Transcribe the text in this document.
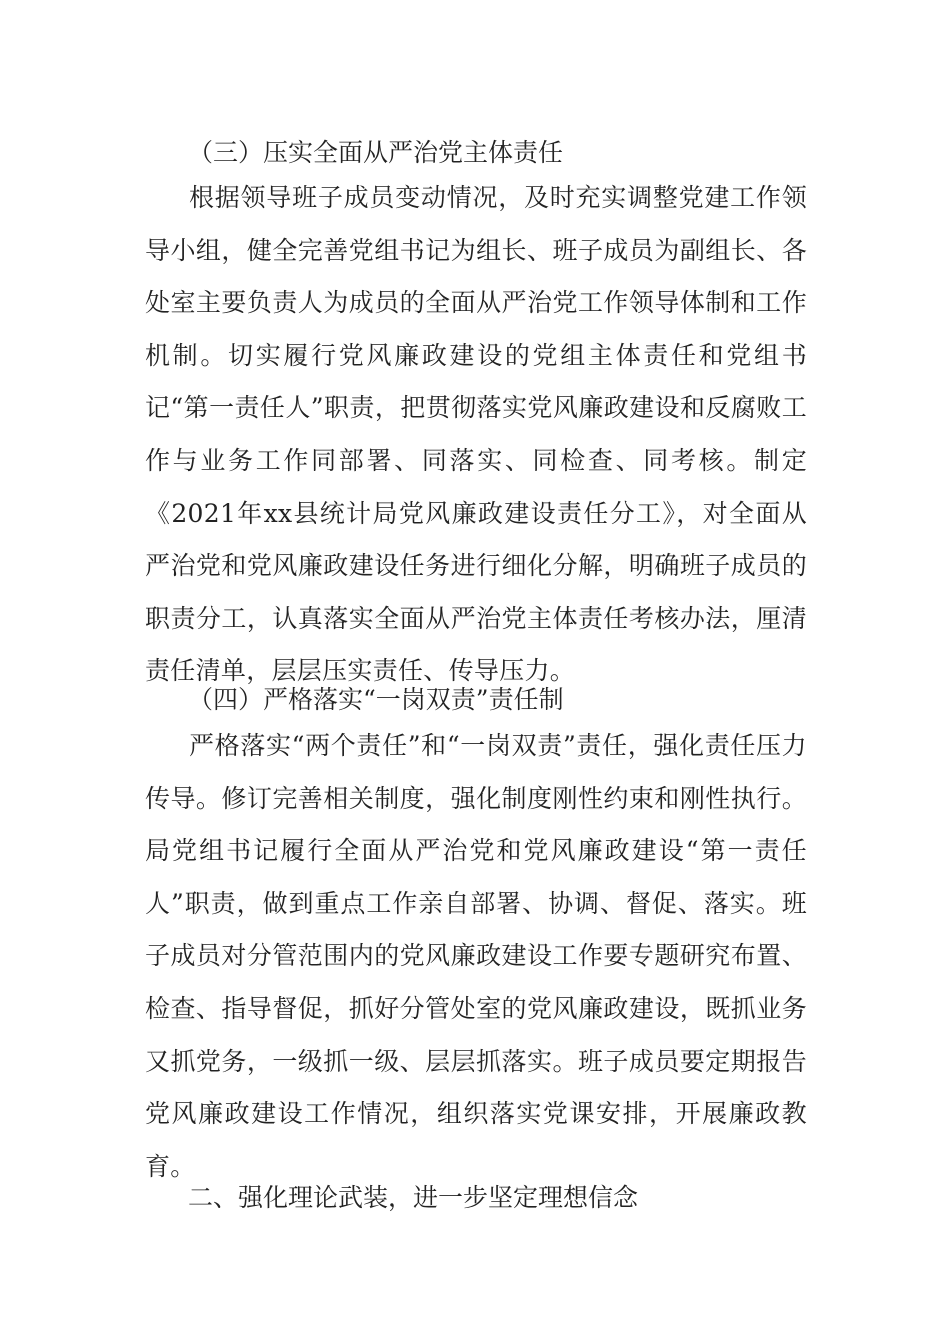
（三）压实全面从严治党主体责任

根据领导班子成员变动情况，及时充实调整党建工作领导小组，健全完善党组书记为组长、班子成员为副组长、各处室主要负责人为成员的全面从严治党工作领导体制和工作机制。切实履行党风廉政建设的党组主体责任和党组书记“第一责任人”职责，把贯彻落实党风廉政建设和反腐败工作与业务工作同部署、同落实、同检查、同考核。制定《2021年xx县统计局党风廉政建设责任分工》，对全面从严治党和党风廉政建设任务进行细化分解，明确班子成员的职责分工，认真落实全面从严治党主体责任考核办法，厘清责任清单，层层压实责任、传导压力。

（四）严格落实“一岗双责”责任制

严格落实“两个责任”和“一岗双责”责任，强化责任压力传导。修订完善相关制度，强化制度刚性约束和刚性执行。局党组书记履行全面从严治党和党风廉政建设“第一责任人”职责，做到重点工作亲自部署、协调、督促、落实。班子成员对分管范围内的党风廉政建设工作要专题研究布置、检查、指导督促，抓好分管处室的党风廉政建设，既抓业务又抓党务，一级抓一级、层层抓落实。班子成员要定期报告党风廉政建设工作情况，组织落实党课安排，开展廉政教育。

二、强化理论武装，进一步坚定理想信念
